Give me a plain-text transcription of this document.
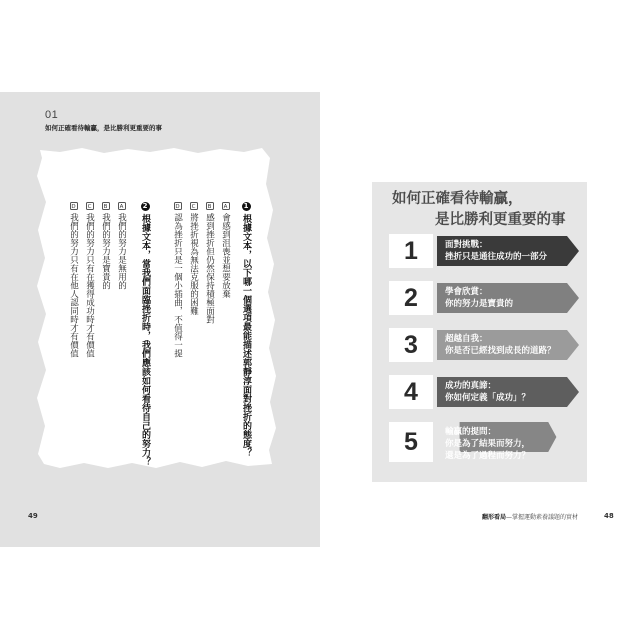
01
如何正確看待輸贏，是比勝利更重要的事
1根據文本，以下哪一個選項最能描述郭靜淳面對挫折的態度？
A會感到沮喪並想要放棄
B感到挫折但仍然保持積極面對
C將挫折視為無法克服的困難
D認為挫折只是一個小插曲，不值得一提
2根據文本，當我們面臨挫折時，我們應該如何看待自己的努力？
A我們的努力是無用的
B我們的努力是寶貴的
C我們的努力只有在獲得成功時才有價值
D我們的努力只有在他人認同時才有價值
49
如何正確看待輸贏，
是比勝利更重要的事
1	面對挑戰：
挫折只是通往成功的一部分
2	學會欣賞：
你的努力是寶貴的
3	超越自我：
你是否已經找到成長的道路？
4	成功的真諦：
你如何定義「成功」？
5	輸贏的提問：
你是為了結果而努力，
還是為了過程而努力？
翻形看局—掌握運動素養議題的實材	48
